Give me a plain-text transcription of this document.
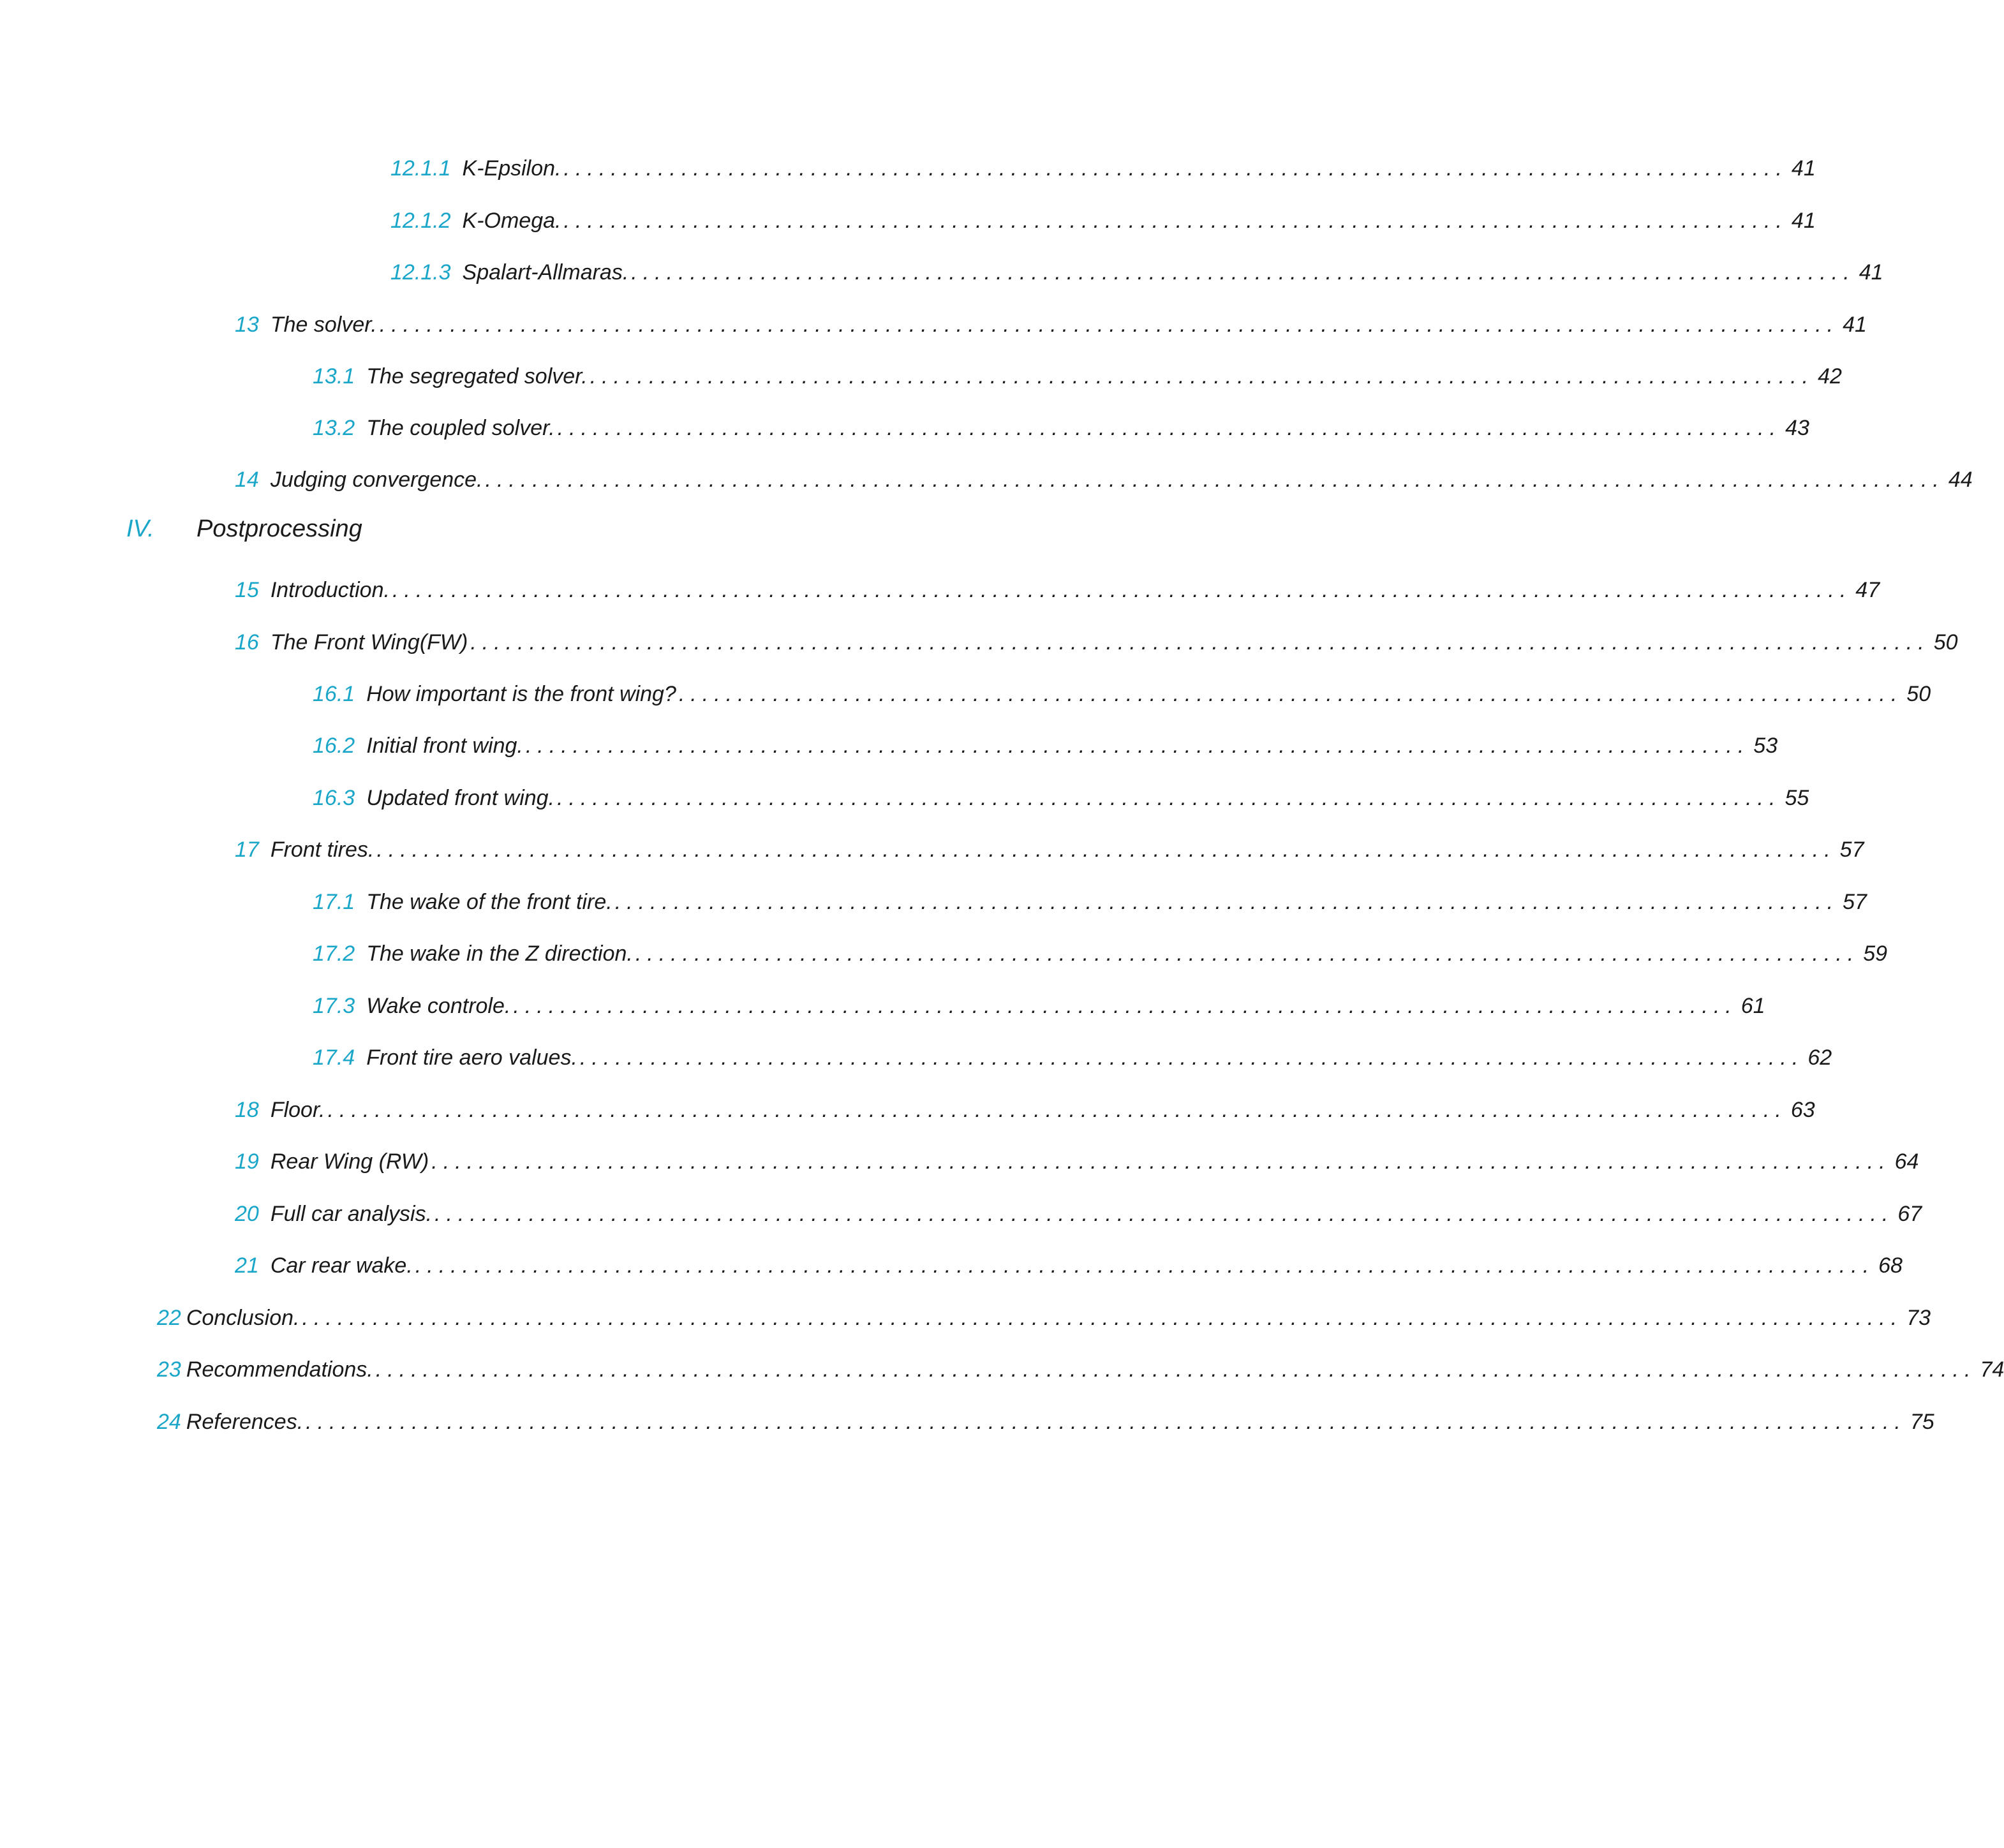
12.1.1 K-Epsilon. ........................................................................................................ 41
12.1.2 K-Omega. ........................................................................................................ 41
12.1.3 Spalart-Allmaras. ........................................................................................................ 41
13 The solver. ............................................................................................................................ 41
13.1 The segregated solver. ........................................................................................................ 42
13.2 The coupled solver. ........................................................................................................ 43
14 Judging convergence. ............................................................................................................................ 44
IV.	Postprocessing
15 Introduction. ............................................................................................................................ 47
16 The Front Wing(FW) ............................................................................................................................ 50
16.1 How important is the front wing? ........................................................................................................ 50
16.2 Initial front wing. ........................................................................................................ 53
16.3 Updated front wing. ........................................................................................................ 55
17 Front tires. ............................................................................................................................ 57
17.1 The wake of the front tire. ........................................................................................................ 57
17.2 The wake in the Z direction. ........................................................................................................ 59
17.3 Wake controle. ........................................................................................................ 61
17.4 Front tire aero values. ........................................................................................................ 62
18 Floor. ............................................................................................................................ 63
19 Rear Wing (RW) ............................................................................................................................ 64
20 Full car analysis. ............................................................................................................................ 67
21 Car rear wake. ............................................................................................................................ 68
22 Conclusion. ........................................................................................................................................ 73
23 Recommendations. ........................................................................................................................................ 74
24 References. ........................................................................................................................................ 75
